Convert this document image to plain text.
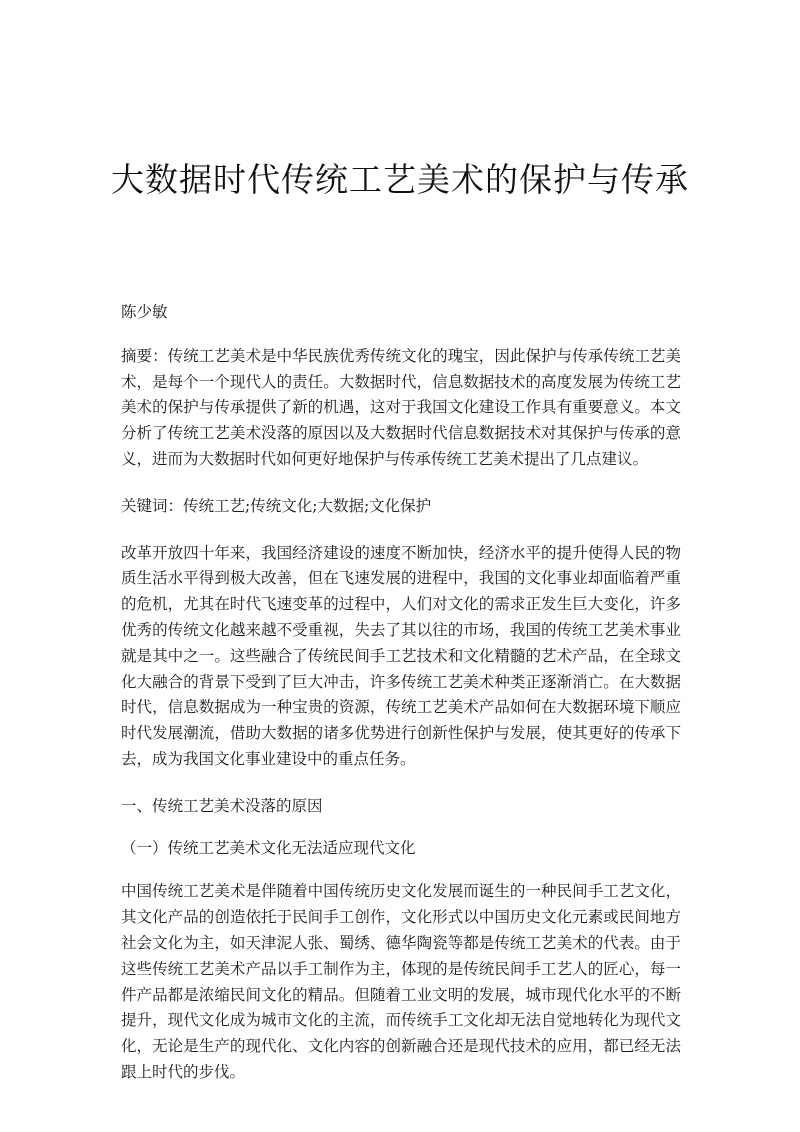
大数据时代传统工艺美术的保护与传承

陈少敏

摘要：传统工艺美术是中华民族优秀传统文化的瑰宝，因此保护与传承传统工艺美术，是每个一个现代人的责任。大数据时代，信息数据技术的高度发展为传统工艺美术的保护与传承提供了新的机遇，这对于我国文化建设工作具有重要意义。本文分析了传统工艺美术没落的原因以及大数据时代信息数据技术对其保护与传承的意义，进而为大数据时代如何更好地保护与传承传统工艺美术提出了几点建议。

关键词：传统工艺;传统文化;大数据;文化保护

改革开放四十年来，我国经济建设的速度不断加快，经济水平的提升使得人民的物质生活水平得到极大改善，但在飞速发展的进程中，我国的文化事业却面临着严重的危机，尤其在时代飞速变革的过程中，人们对文化的需求正发生巨大变化，许多优秀的传统文化越来越不受重视，失去了其以往的市场，我国的传统工艺美术事业就是其中之一。这些融合了传统民间手工艺技术和文化精髓的艺术产品，在全球文化大融合的背景下受到了巨大冲击，许多传统工艺美术种类正逐渐消亡。在大数据时代，信息数据成为一种宝贵的资源，传统工艺美术产品如何在大数据环境下顺应时代发展潮流，借助大数据的诸多优势进行创新性保护与发展，使其更好的传承下去，成为我国文化事业建设中的重点任务。

一、传统工艺美术没落的原因

（一）传统工艺美术文化无法适应现代文化

中国传统工艺美术是伴随着中国传统历史文化发展而诞生的一种民间手工艺文化，其文化产品的创造依托于民间手工创作，文化形式以中国历史文化元素或民间地方社会文化为主，如天津泥人张、蜀绣、德华陶瓷等都是传统工艺美术的代表。由于这些传统工艺美术产品以手工制作为主，体现的是传统民间手工艺人的匠心，每一件产品都是浓缩民间文化的精品。但随着工业文明的发展，城市现代化水平的不断提升，现代文化成为城市文化的主流，而传统手工文化却无法自觉地转化为现代文化，无论是生产的现代化、文化内容的创新融合还是现代技术的应用，都已经无法跟上时代的步伐。
